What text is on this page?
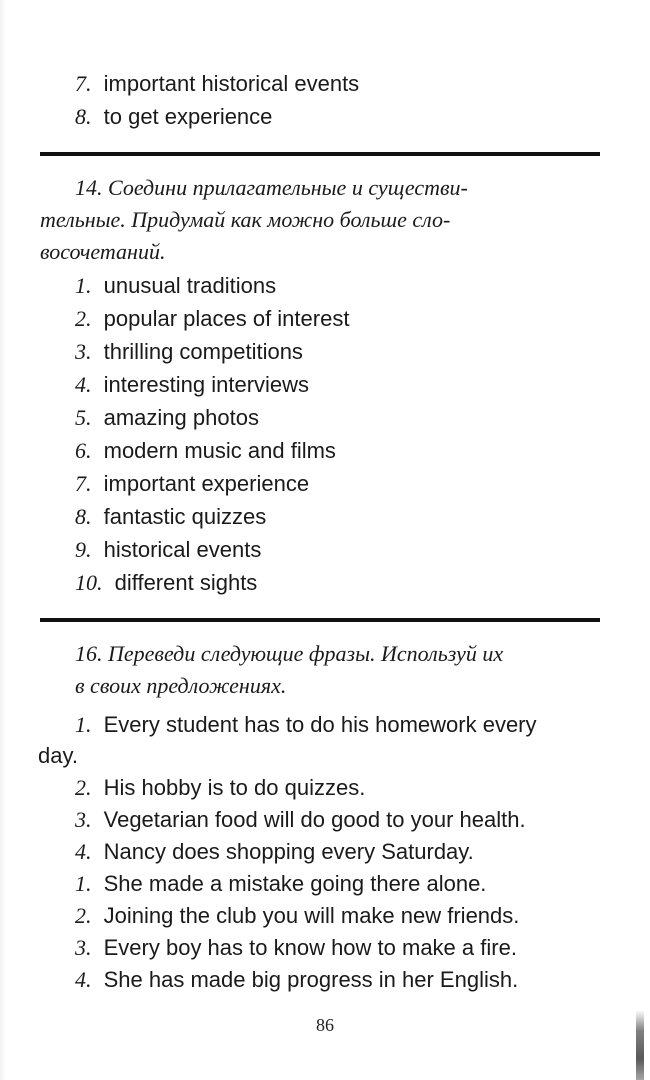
7. important historical events
8. to get experience
14. Соедини прилагательные и существи-
тельные. Придумай как можно больше сло-
восочетаний.
1. unusual traditions
2. popular places of interest
3. thrilling competitions
4. interesting interviews
5. amazing photos
6. modern music and films
7. important experience
8. fantastic quizzes
9. historical events
10. different sights
16. Переведи следующие фразы. Используй их
в своих предложениях.
1. Every student has to do his homework every
day.
2. His hobby is to do quizzes.
3. Vegetarian food will do good to your health.
4. Nancy does shopping every Saturday.
1. She made a mistake going there alone.
2. Joining the club you will make new friends.
3. Every boy has to know how to make a fire.
4. She has made big progress in her English.
86
